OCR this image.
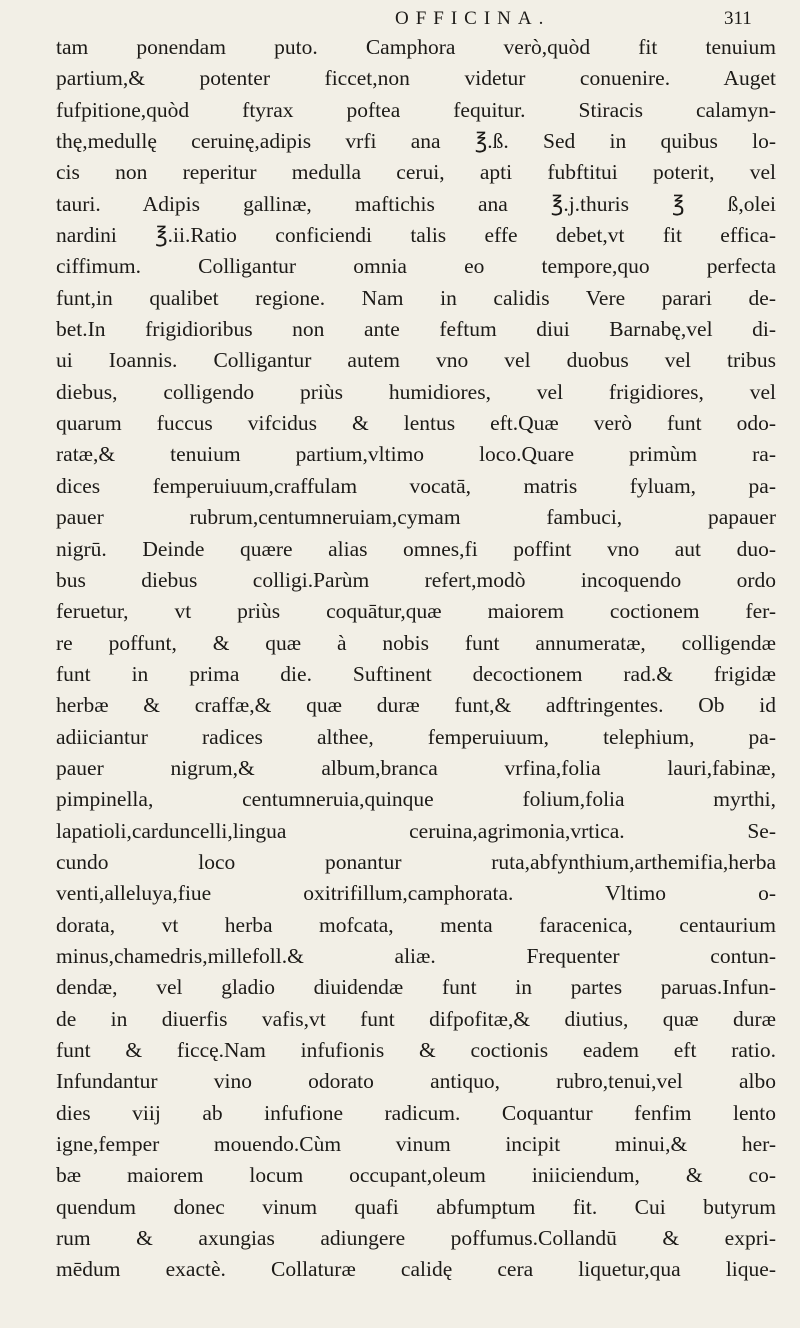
OFFICINA.	311
tam ponendam puto. Camphora verò,quòd fit tenuium
partium,& potenter ficcet,non videtur conuenire. Auget
fufpitione,quòd ftyrax poftea fequitur. Stiracis calamyn-
thę,medullę ceruinę,adipis vrfi ana ℥.ß. Sed in quibus lo-
cis non reperitur medulla cerui, apti fubftitui poterit, vel
tauri. Adipis gallinæ, maftichis ana ℥.j.thuris ℥ ß,olei
nardini ℥.ii.Ratio conficiendi talis effe debet,vt fit effica-
ciffimum. Colligantur omnia eo tempore,quo perfecta
funt,in qualibet regione. Nam in calidis Vere parari de-
bet.In frigidioribus non ante feftum diui Barnabę,vel di-
ui Ioannis. Colligantur autem vno vel duobus vel tribus
diebus, colligendo priùs humidiores, vel frigidiores, vel
quarum fuccus vifcidus & lentus eft.Quæ verò funt odo-
ratæ,& tenuium partium,vltimo loco.Quare primùm ra-
dices femperuiuum,craffulam vocatā, matris fyluam, pa-
pauer rubrum,centumneruiam,cymam fambuci, papauer
nigrū. Deinde quære alias omnes,fi poffint vno aut duo-
bus diebus colligi.Parùm refert,modò incoquendo ordo
feruetur, vt priùs coquātur,quæ maiorem coctionem fer-
re poffunt, & quæ à nobis funt annumeratæ, colligendæ
funt in prima die. Suftinent decoctionem rad.& frigidæ
herbæ & craffæ,& quæ duræ funt,& adftringentes. Ob id
adiiciantur radices althee, femperuiuum, telephium, pa-
pauer nigrum,& album,branca vrfina,folia lauri,fabinæ,
pimpinella, centumneruia,quinque folium,folia myrthi,
lapatioli,carduncelli,lingua ceruina,agrimonia,vrtica. Se-
cundo loco ponantur ruta,abfynthium,arthemifia,herba
venti,alleluya,fiue oxitrifillum,camphorata. Vltimo o-
dorata, vt herba mofcata, menta faracenica, centaurium
minus,chamedris,millefoll.& aliæ. Frequenter contun-
dendæ, vel gladio diuidendæ funt in partes paruas.Infun-
de in diuerfis vafis,vt funt difpofitæ,& diutius, quæ duræ
funt & ficcę.Nam infufionis & coctionis eadem eft ratio.
Infundantur vino odorato antiquo, rubro,tenui,vel albo
dies viij ab infufione radicum. Coquantur fenfim lento
igne,femper mouendo.Cùm vinum incipit minui,& her-
bæ maiorem locum occupant,oleum iniiciendum, & co-
quendum donec vinum quafi abfumptum fit. Cui butyrum
rum & axungias adiungere poffumus.Collandū & expri-
mēdum exactè. Collaturæ calidę cera liquetur,qua lique-
